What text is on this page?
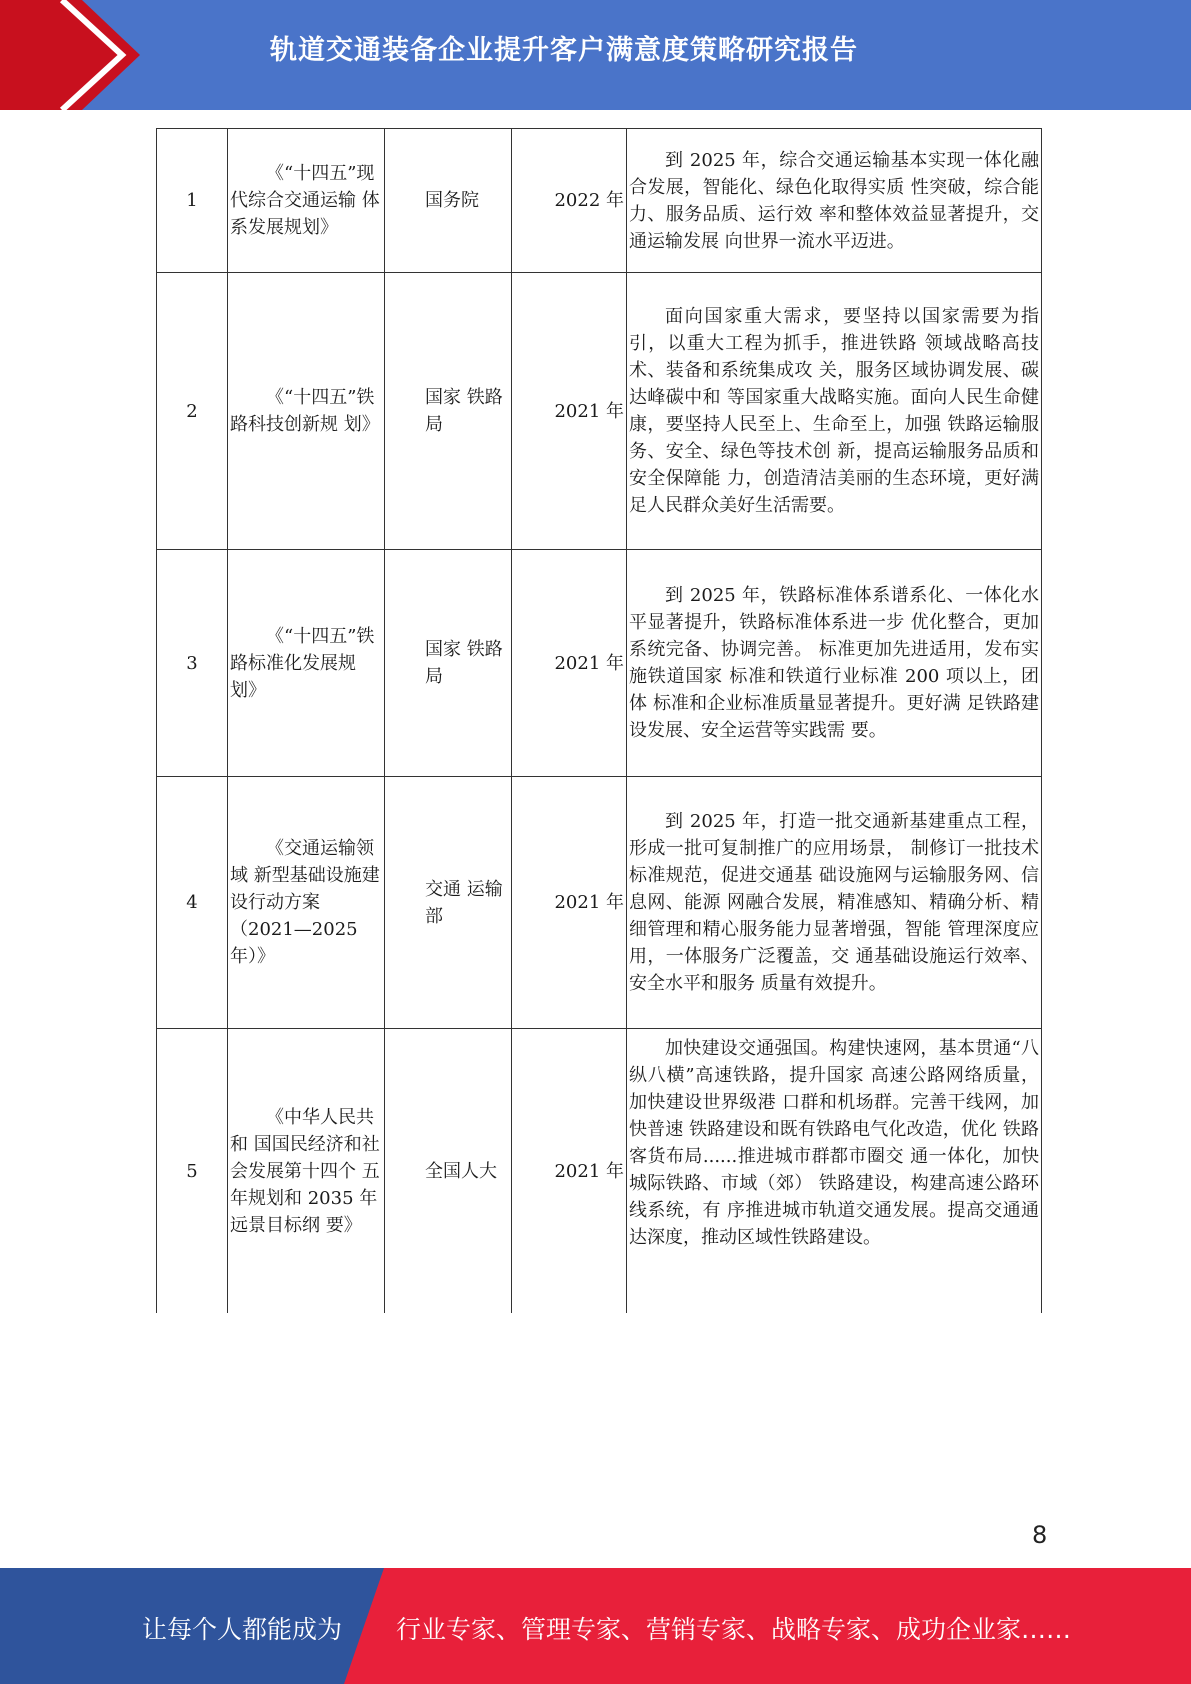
轨道交通装备企业提升客户满意度策略研究报告
1	《“十四五”现 代综合交通运输 体系发展规划》	国务院	2022 年	到 2025 年，综合交通运输基本实现一体化融合发展，智能化、绿色化取得实质 性突破，综合能力、服务品质、运行效 率和整体效益显著提升，交通运输发展 向世界一流水平迈进。
2	《“十四五”铁 路科技创新规 划》	国家 铁路局	2021 年	面向国家重大需求，要坚持以国家需要为指引，以重大工程为抓手，推进铁路 领域战略高技术、装备和系统集成攻 关，服务区域协调发展、碳达峰碳中和 等国家重大战略实施。面向人民生命健 康，要坚持人民至上、生命至上，加强 铁路运输服务、安全、绿色等技术创 新，提高运输服务品质和安全保障能 力，创造清洁美丽的生态环境，更好满 足人民群众美好生活需要。
3	《“十四五”铁 路标准化发展规 划》	国家 铁路局	2021 年	到 2025 年，铁路标准体系谱系化、一体化水平显著提升，铁路标准体系进一步 优化整合，更加系统完备、协调完善。 标准更加先进适用，发布实施铁道国家 标准和铁道行业标准 200 项以上，团体 标准和企业标准质量显著提升。更好满 足铁路建设发展、安全运营等实践需 要。
4	《交通运输领域 新型基础设施建 设行动方案（2021—2025年）》	交通 运输部	2021 年	到 2025 年，打造一批交通新基建重点工程，形成一批可复制推广的应用场景， 制修订一批技术标准规范，促进交通基 础设施网与运输服务网、信息网、能源 网融合发展，精准感知、精确分析、精 细管理和精心服务能力显著增强，智能 管理深度应用，一体服务广泛覆盖，交 通基础设施运行效率、安全水平和服务 质量有效提升。
5	《中华人民共和 国国民经济和社 会发展第十四个 五年规划和 2035 年远景目标纲 要》	全国人大	2021 年	加快建设交通强国。构建快速网，基本贯通“八纵八横”高速铁路，提升国家 高速公路网络质量，加快建设世界级港 口群和机场群。完善干线网，加快普速 铁路建设和既有铁路电气化改造，优化 铁路客货布局......推进城市群都市圈交 通一体化，加快城际铁路、市域（郊） 铁路建设，构建高速公路环线系统，有 序推进城市轨道交通发展。提高交通通 达深度，推动区域性铁路建设。
8
让每个人都能成为 行业专家、管理专家、营销专家、战略专家、成功企业家……
